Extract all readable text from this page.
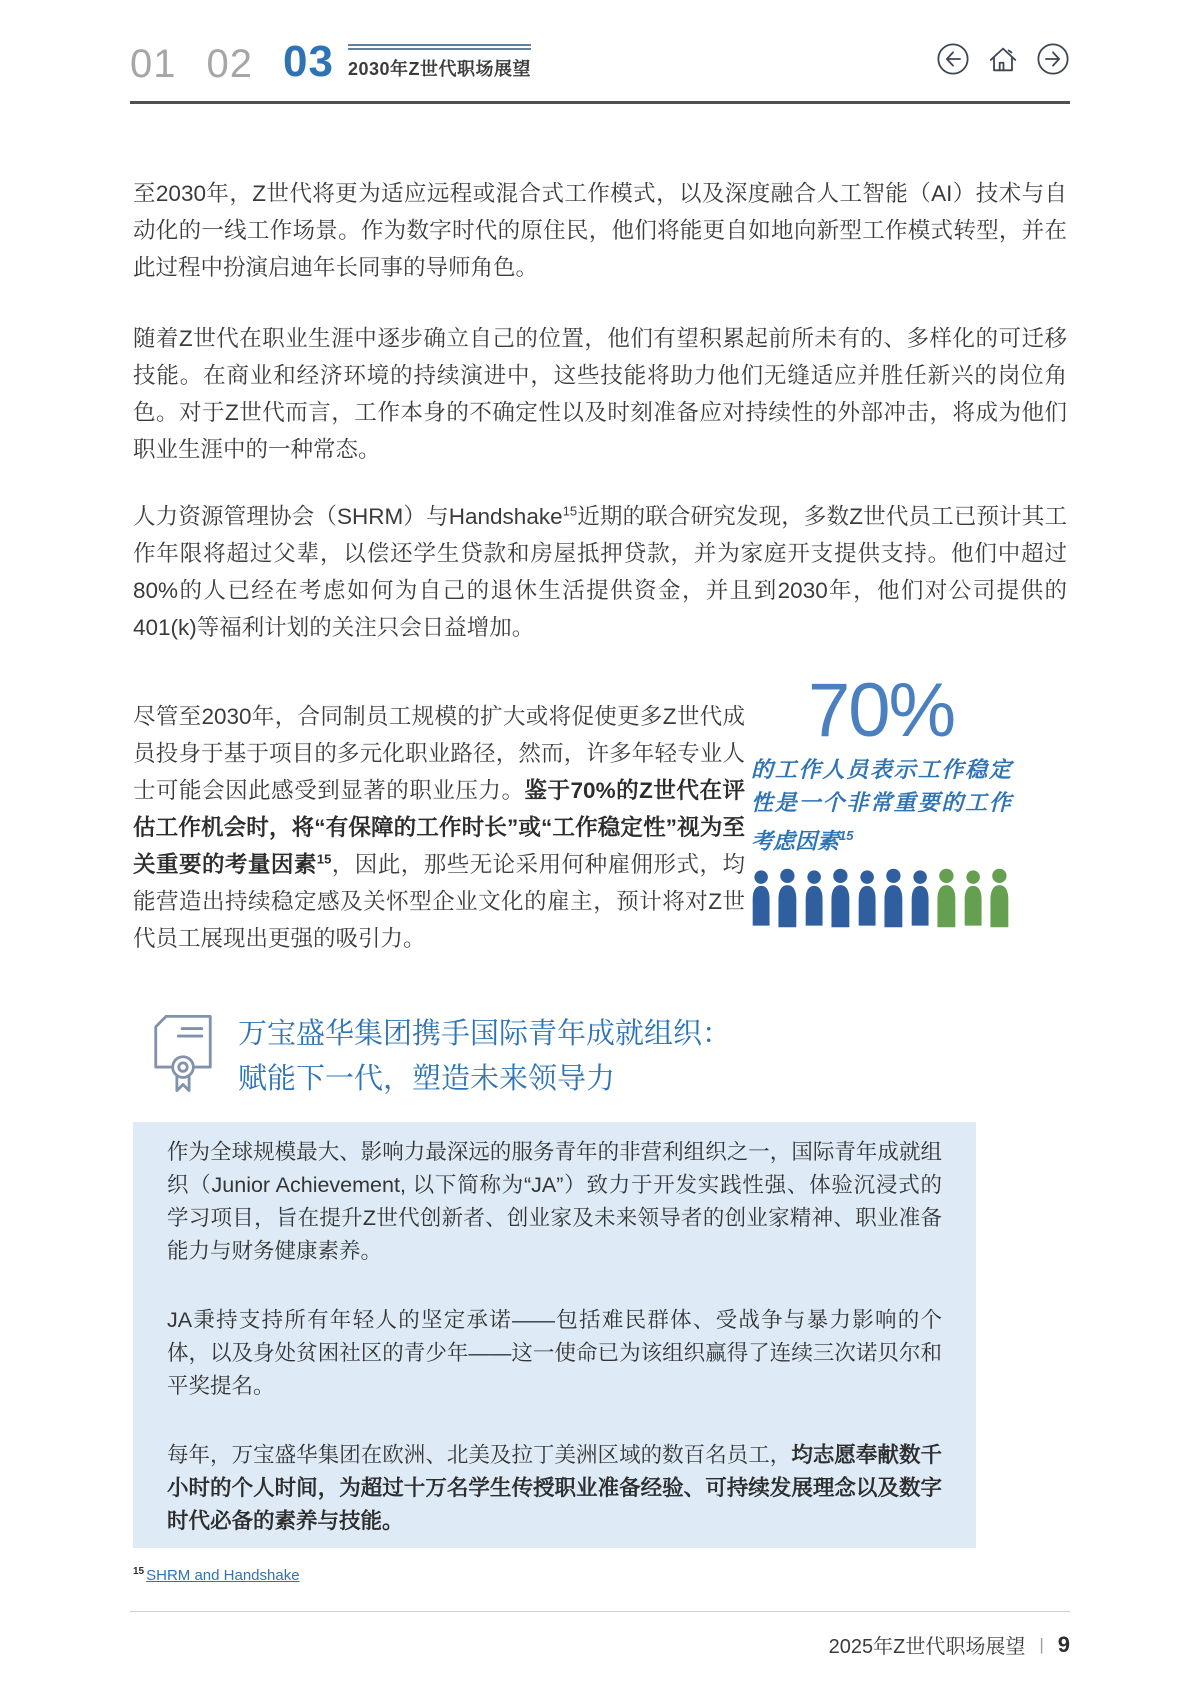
01 02 03 2030年Z世代职场展望

至2030年，Z世代将更为适应远程或混合式工作模式，以及深度融合人工智能（AI）技术与自动化的一线工作场景。作为数字时代的原住民，他们将能更自如地向新型工作模式转型，并在此过程中扮演启迪年长同事的导师角色。

随着Z世代在职业生涯中逐步确立自己的位置，他们有望积累起前所未有的、多样化的可迁移技能。在商业和经济环境的持续演进中，这些技能将助力他们无缝适应并胜任新兴的岗位角色。对于Z世代而言，工作本身的不确定性以及时刻准备应对持续性的外部冲击，将成为他们职业生涯中的一种常态。

人力资源管理协会（SHRM）与Handshake$^{15}$近期的联合研究发现，多数Z世代员工已预计其工作年限将超过父辈，以偿还学生贷款和房屋抵押贷款，并为家庭开支提供支持。他们中超过80%的人已经在考虑如何为自己的退休生活提供资金，并且到2030年，他们对公司提供的401(k)等福利计划的关注只会日益增加。

尽管至2030年，合同制员工规模的扩大或将促使更多Z世代成员投身于基于项目的多元化职业路径，然而，许多年轻专业人士可能会因此感受到显著的职业压力。鉴于70%的Z世代在评估工作机会时，将“有保障的工作时长”或“工作稳定性”视为至关重要的考量因素$^{15}$，因此，那些无论采用何种雇佣形式，均能营造出持续稳定感及关怀型企业文化的雇主，预计将对Z世代员工展现出更强的吸引力。
70%
的工作人员表示工作稳定性是一个非常重要的工作考虑因素$^{15}$
万宝盛华集团携手国际青年成就组织：
赋能下一代，塑造未来领导力

作为全球规模最大、影响力最深远的服务青年的非营利组织之一，国际青年成就组织（Junior Achievement, 以下简称为“JA”）致力于开发实践性强、体验沉浸式的学习项目，旨在提升Z世代创新者、创业家及未来领导者的创业家精神、职业准备能力与财务健康素养。

JA秉持支持所有年轻人的坚定承诺——包括难民群体、受战争与暴力影响的个体，以及身处贫困社区的青少年——这一使命已为该组织赢得了连续三次诺贝尔和平奖提名。

每年，万宝盛华集团在欧洲、北美及拉丁美洲区域的数百名员工，均志愿奉献数千小时的个人时间，为超过十万名学生传授职业准备经验、可持续发展理念以及数字时代必备的素养与技能。

$^{15}$ SHRM and Handshake
2025年Z世代职场展望 | 9
